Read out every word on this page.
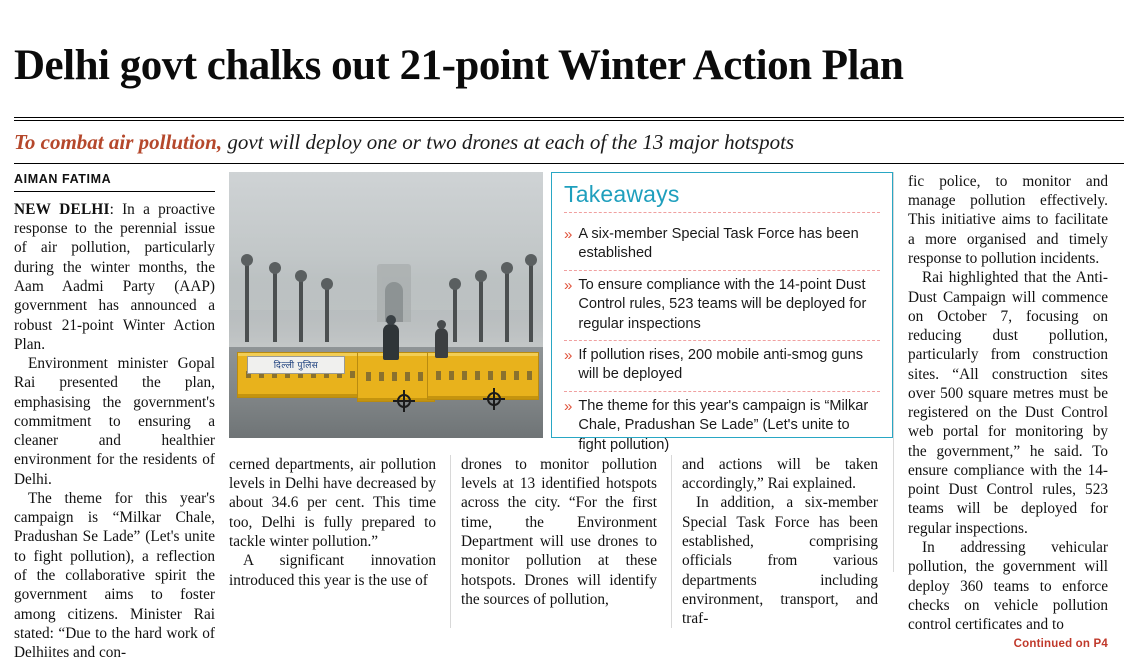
Delhi govt chalks out 21-point Winter Action Plan
To combat air pollution, govt will deploy one or two drones at each of the 13 major hotspots
AIMAN FATIMA

NEW DELHI: In a proactive response to the perennial issue of air pollution, particularly during the winter months, the Aam Aadmi Party (AAP) government has announced a robust 21-point Winter Action Plan.

Environment minister Gopal Rai presented the plan, emphasising the government's commitment to ensuring a cleaner and healthier environment for the residents of Delhi.

The theme for this year's campaign is “Milkar Chale, Pradushan Se Lade” (Let's unite to fight pollution), a reflection of the collaborative spirit the government aims to foster among citizens. Minister Rai stated: “Due to the hard work of Delhiites and con-

दिल्ली पुलिस
Takeaways
» A six-member Special Task Force has been established
» To ensure compliance with the 14-point Dust Control rules, 523 teams will be deployed for regular inspections
» If pollution rises, 200 mobile anti-smog guns will be deployed
» The theme for this year's campaign is “Milkar Chale, Pradushan Se Lade” (Let's unite to fight pollution)

cerned departments, air pollution levels in Delhi have decreased by about 34.6 per cent. This time too, Delhi is fully prepared to tackle winter pollution.”

A significant innovation introduced this year is the use of

drones to monitor pollution levels at 13 identified hotspots across the city. “For the first time, the Environment Department will use drones to monitor pollution at these hotspots. Drones will identify the sources of pollution,

and actions will be taken accordingly,” Rai explained.

In addition, a six-member Special Task Force has been established, comprising officials from various departments including environment, transport, and traf-

fic police, to monitor and manage pollution effectively. This initiative aims to facilitate a more organised and timely response to pollution incidents.

Rai highlighted that the Anti-Dust Campaign will commence on October 7, focusing on reducing dust pollution, particularly from construction sites. “All construction sites over 500 square metres must be registered on the Dust Control web portal for monitoring by the government,” he said. To ensure compliance with the 14-point Dust Control rules, 523 teams will be deployed for regular inspections.

In addressing vehicular pollution, the government will deploy 360 teams to enforce checks on vehicle pollution control certificates and to

Continued on P4
